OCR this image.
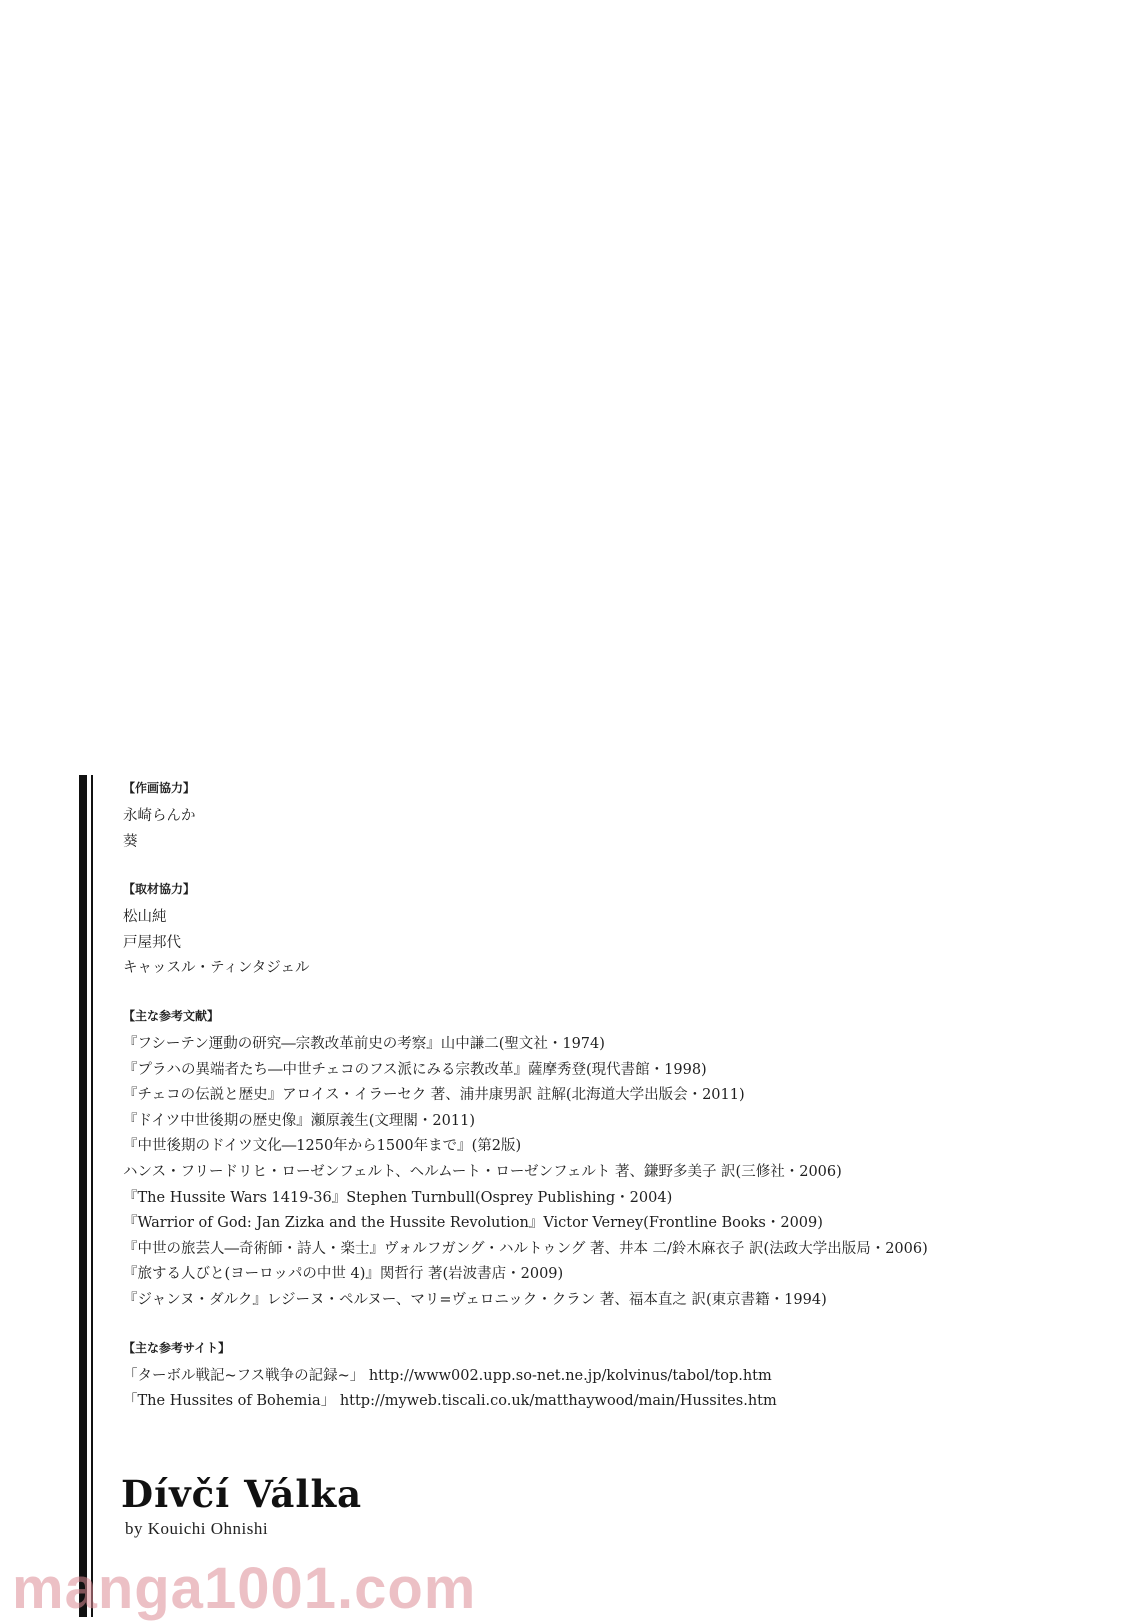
【作画協力】
永崎らんか
葵
【取材協力】
松山純
戸屋邦代
キャッスル・ティンタジェル
【主な参考文献】
『フシーテン運動の研究―宗教改革前史の考察』山中謙二(聖文社・1974)
『プラハの異端者たち―中世チェコのフス派にみる宗教改革』薩摩秀登(現代書館・1998)
『チェコの伝説と歴史』アロイス・イラーセク 著、浦井康男訳 註解(北海道大学出版会・2011)
『ドイツ中世後期の歴史像』瀬原義生(文理閣・2011)
『中世後期のドイツ文化―1250年から1500年まで』(第2版)
ハンス・フリードリヒ・ローゼンフェルト、ヘルムート・ローゼンフェルト 著、鎌野多美子 訳(三修社・2006)
『The Hussite Wars 1419-36』Stephen Turnbull(Osprey Publishing・2004)
『Warrior of God: Jan Zizka and the Hussite Revolution』Victor Verney(Frontline Books・2009)
『中世の旅芸人―奇術師・詩人・楽士』ヴォルフガング・ハルトゥング 著、井本 二/鈴木麻衣子 訳(法政大学出版局・2006)
『旅する人びと(ヨーロッパの中世 4)』関哲行 著(岩波書店・2009)
『ジャンヌ・ダルク』レジーヌ・ペルヌー、マリ=ヴェロニック・クラン 著、福本直之 訳(東京書籍・1994)
【主な参考サイト】
「ターボル戦記~フス戦争の記録~」 http://www002.upp.so-net.ne.jp/kolvinus/tabol/top.htm
「The Hussites of Bohemia」 http://myweb.tiscali.co.uk/matthaywood/main/Hussites.htm
Dívčí Válka
by Kouichi Ohnishi
manga1001.com
